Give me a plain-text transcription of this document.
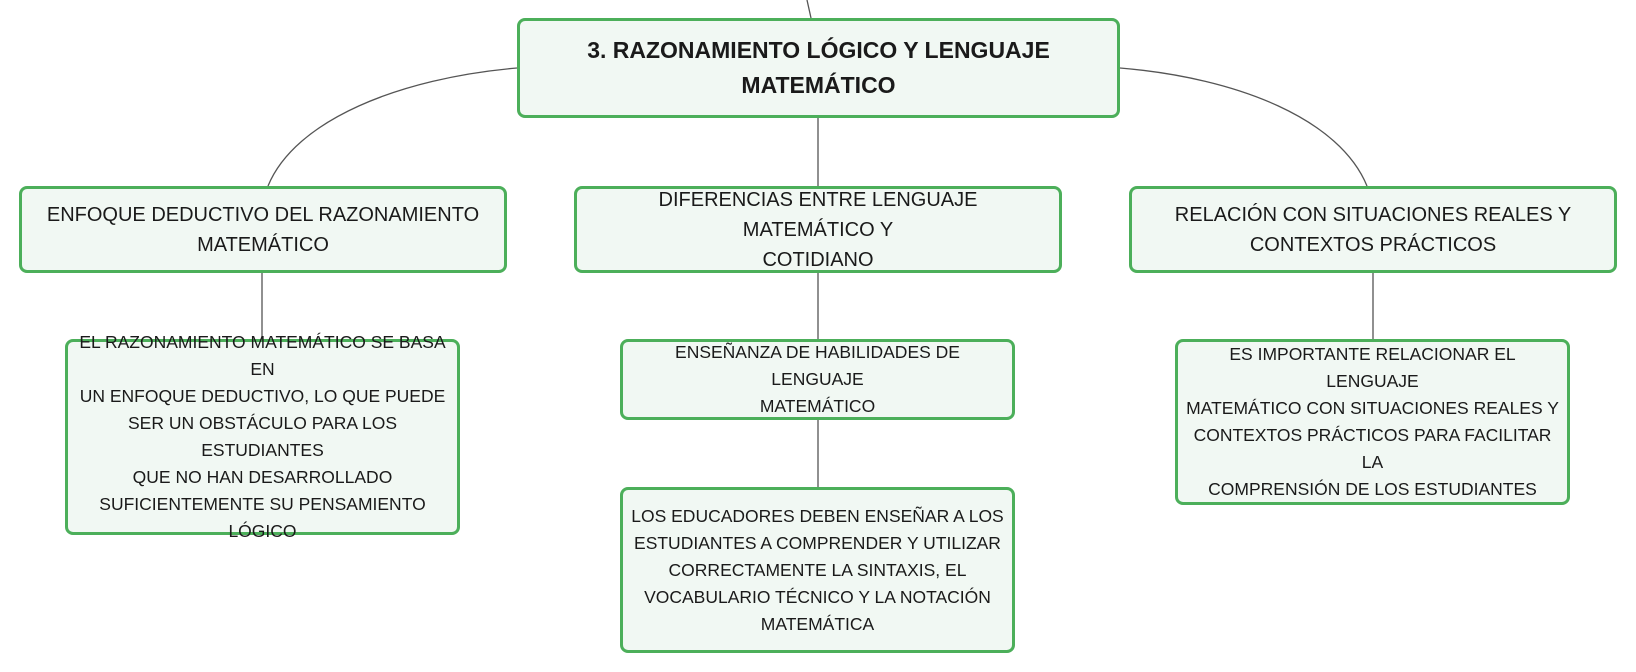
3. RAZONAMIENTO LÓGICO Y LENGUAJE
MATEMÁTICO
ENFOQUE DEDUCTIVO DEL RAZONAMIENTO
MATEMÁTICO
DIFERENCIAS ENTRE LENGUAJE MATEMÁTICO Y
COTIDIANO
RELACIÓN CON SITUACIONES REALES Y
CONTEXTOS PRÁCTICOS
EL RAZONAMIENTO MATEMÁTICO SE BASA EN
UN ENFOQUE DEDUCTIVO, LO QUE PUEDE
SER UN OBSTÁCULO PARA LOS ESTUDIANTES
QUE NO HAN DESARROLLADO
SUFICIENTEMENTE SU PENSAMIENTO
LÓGICO
ENSEÑANZA DE HABILIDADES DE LENGUAJE
MATEMÁTICO
LOS EDUCADORES DEBEN ENSEÑAR A LOS
ESTUDIANTES A COMPRENDER Y UTILIZAR
CORRECTAMENTE LA SINTAXIS, EL
VOCABULARIO TÉCNICO Y LA NOTACIÓN
MATEMÁTICA
ES IMPORTANTE RELACIONAR EL LENGUAJE
MATEMÁTICO CON SITUACIONES REALES Y
CONTEXTOS PRÁCTICOS PARA FACILITAR LA
COMPRENSIÓN DE LOS ESTUDIANTES
